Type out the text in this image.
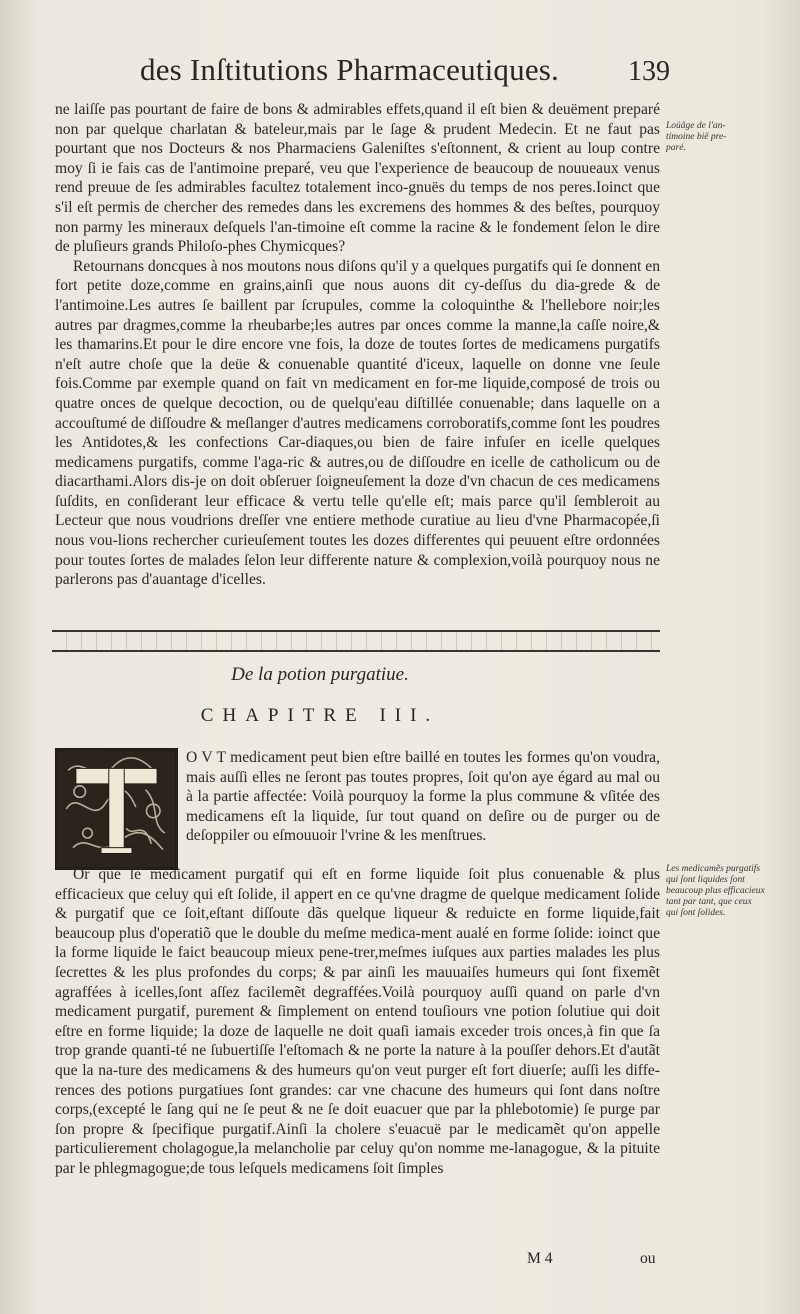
des Inſtitutions Pharmaceutiques.	139

ne laiſſe pas pourtant de faire de bons & admirables effets,quand il eſt bien & deuëment preparé non par quelque charlatan & bateleur,mais par le ſage & prudent Medecin. Et ne faut pas pourtant que nos Docteurs & nos Pharmaciens Galeniſtes s'eſtonnent, & crient au loup contre moy ſi ie fais cas de l'antimoine preparé, veu que l'experience de beaucoup de nouueaux venus rend preuue de ſes admirables facultez totalement inco-gnuës du temps de nos peres.Ioinct que s'il eſt permis de chercher des remedes dans les excremens des hommes & des beſtes, pourquoy non parmy les mineraux deſquels l'an-timoine eſt comme la racine & le fondement ſelon le dire de pluſieurs grands Philoſo-phes Chymicques?

Retournans doncques à nos moutons nous diſons qu'il y a quelques purgatifs qui ſe donnent en fort petite doze,comme en grains,ainſi que nous auons dit cy-deſſus du dia-grede & de l'antimoine.Les autres ſe baillent par ſcrupules, comme la coloquinthe & l'hellebore noir;les autres par dragmes,comme la rheubarbe;les autres par onces comme la manne,la caſſe noire,& les thamarins.Et pour le dire encore vne fois, la doze de toutes ſortes de medicamens purgatifs n'eſt autre choſe que la deüe & conuenable quantité d'iceux, laquelle on donne vne ſeule fois.Comme par exemple quand on fait vn medicament en for-me liquide,composé de trois ou quatre onces de quelque decoction, ou de quelqu'eau diſtillée conuenable; dans laquelle on a accouſtumé de diſſoudre & meſlanger d'autres medicamens corroboratifs,comme ſont les poudres les Antidotes,& les confections Car-diaques,ou bien de faire infuſer en icelle quelques medicamens purgatifs, comme l'aga-ric & autres,ou de diſſoudre en icelle de catholicum ou de diacarthami.Alors dis-je on doit obſeruer ſoigneuſement la doze d'vn chacun de ces medicamens ſuſdits, en conſiderant leur efficace & vertu telle qu'elle eſt; mais parce qu'il ſembleroit au Lecteur que nous voudrions dreſſer vne entiere methode curatiue au lieu d'vne Pharmacopée,ſi nous vou-lions rechercher curieuſement toutes les dozes differentes qui peuuent eſtre ordonnées pour toutes ſortes de malades ſelon leur differente nature & complexion,voilà pourquoy nous ne parlerons pas d'auantage d'icelles.

Loüãge de l'an-timoine biẽ pre-paré.
De la potion purgatiue.
CHAPITRE III.
O V T medicament peut bien eſtre baillé en toutes les formes qu'on voudra, mais auſſi elles ne ſeront pas toutes propres, ſoit qu'on aye égard au mal ou à la partie affectée: Voilà pourquoy la forme la plus commune & vſitée des medicamens eſt la liquide, ſur tout quand on deſire ou de purger ou de deſoppiler ou eſmouuoir l'vrine & les menſtrues.

Or que le medicament purgatif qui eſt en forme liquide ſoit plus conuenable & plus efficacieux que celuy qui eſt ſolide, il appert en ce qu'vne dragme de quelque medicament ſolide & purgatif que ce ſoit,eſtant diſſoute dãs quelque liqueur & reduicte en forme liquide,fait beaucoup plus d'operatiõ que le double du meſme medica-ment aualé en forme ſolide: ioinct que la forme liquide le faict beaucoup mieux pene-trer,meſmes iuſques aux parties malades les plus ſecrettes & les plus profondes du corps; & par ainſi les mauuaiſes humeurs qui ſont fixemẽt agraffées à icelles,ſont aſſez facilemẽt degraffées.Voilà pourquoy auſſi quand on parle d'vn medicament purgatif, purement & ſimplement on entend touſiours vne potion ſolutiue qui doit eſtre en forme liquide; la doze de laquelle ne doit quaſi iamais exceder trois onces,à fin que ſa trop grande quanti-té ne ſubuertiſſe l'eſtomach & ne porte la nature à la pouſſer dehors.Et d'autãt que la na-ture des medicamens & des humeurs qu'on veut purger eſt fort diuerſe; auſſi les diffe-rences des potions purgatiues ſont grandes: car vne chacune des humeurs qui ſont dans noſtre corps,(excepté le ſang qui ne ſe peut & ne ſe doit euacuer que par la phlebotomie) ſe purge par ſon propre & ſpecifique purgatif.Ainſi la cholere s'euacuë par le medicamẽt qu'on appelle particulierement cholagogue,la melancholie par celuy qu'on nomme me-lanagogue, & la pituite par le phlegmagogue;de tous leſquels medicamens ſoit ſimples

Les medicamẽs purgatifs qui ſont liquides ſont beaucoup plus efficacieux tant par tant, que ceux qui ſont ſolides.
M 4	ou
